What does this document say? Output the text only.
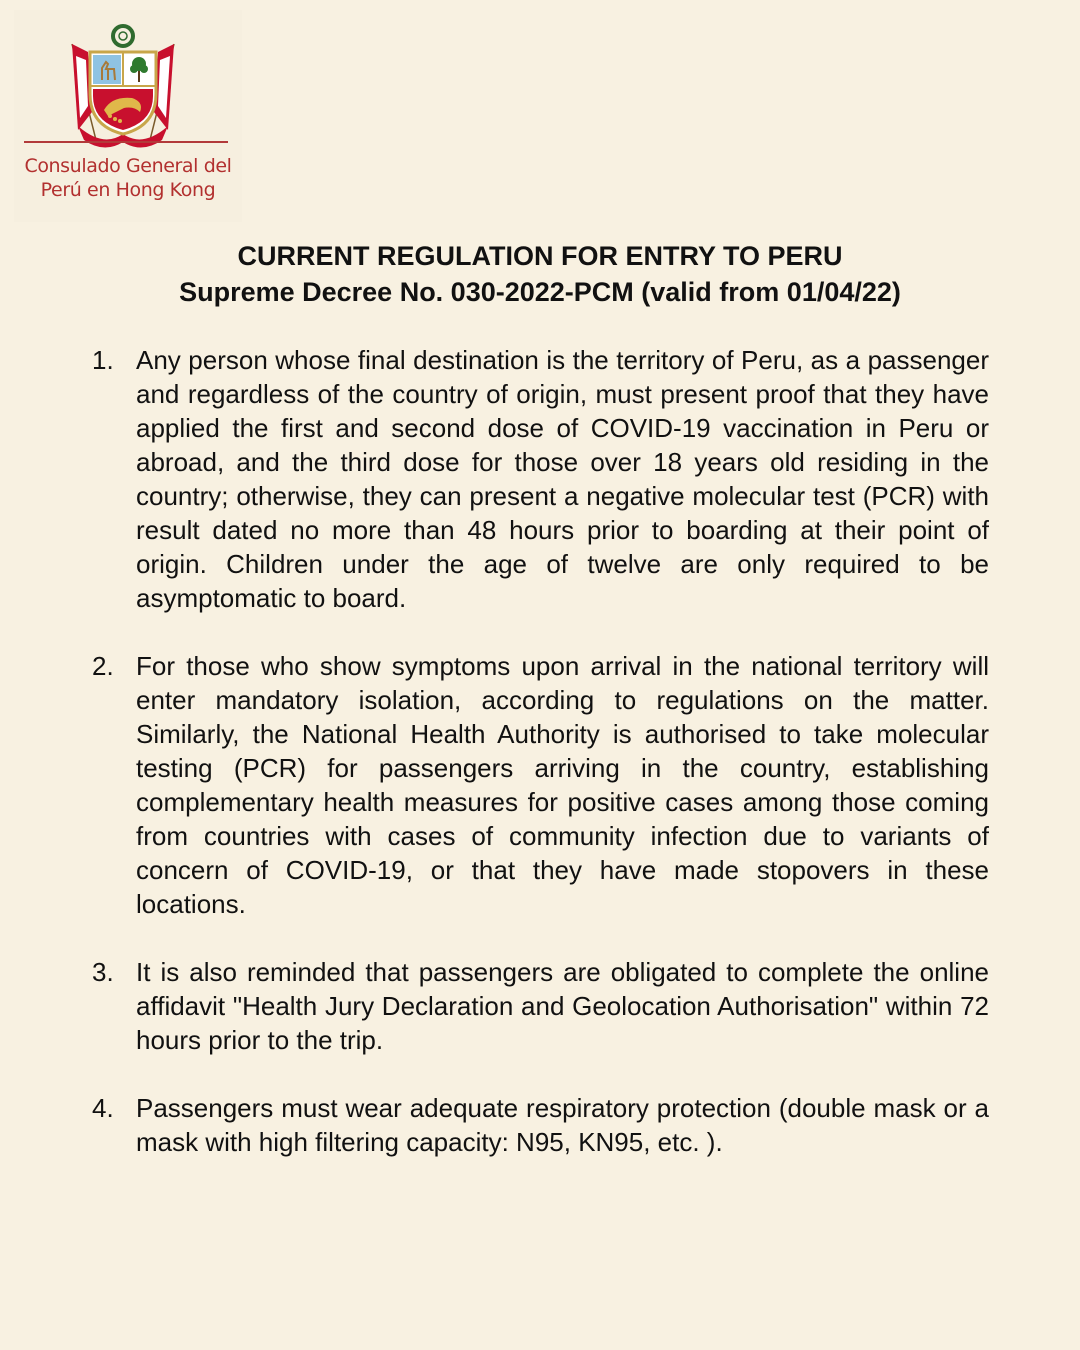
Consulado General del
Perú en Hong Kong
CURRENT REGULATION FOR ENTRY TO PERU
Supreme Decree No. 030-2022-PCM (valid from 01/04/22)
1. Any person whose final destination is the territory of Peru, as a passenger and regardless of the country of origin, must present proof that they have applied the first and second dose of COVID-19 vaccination in Peru or abroad, and the third dose for those over 18 years old residing in the country; otherwise, they can present a negative molecular test (PCR) with result dated no more than 48 hours prior to boarding at their point of origin. Children under the age of twelve are only required to be asymptomatic to board.
2. For those who show symptoms upon arrival in the national territory will enter mandatory isolation, according to regulations on the matter. Similarly, the National Health Authority is authorised to take molecular testing (PCR) for passengers arriving in the country, establishing complementary health measures for positive cases among those coming from countries with cases of community infection due to variants of concern of COVID-19, or that they have made stopovers in these locations.
3. It is also reminded that passengers are obligated to complete the online affidavit "Health Jury Declaration and Geolocation Authorisation" within 72 hours prior to the trip.
4. Passengers must wear adequate respiratory protection (double mask or a mask with high filtering capacity: N95, KN95, etc. ).
